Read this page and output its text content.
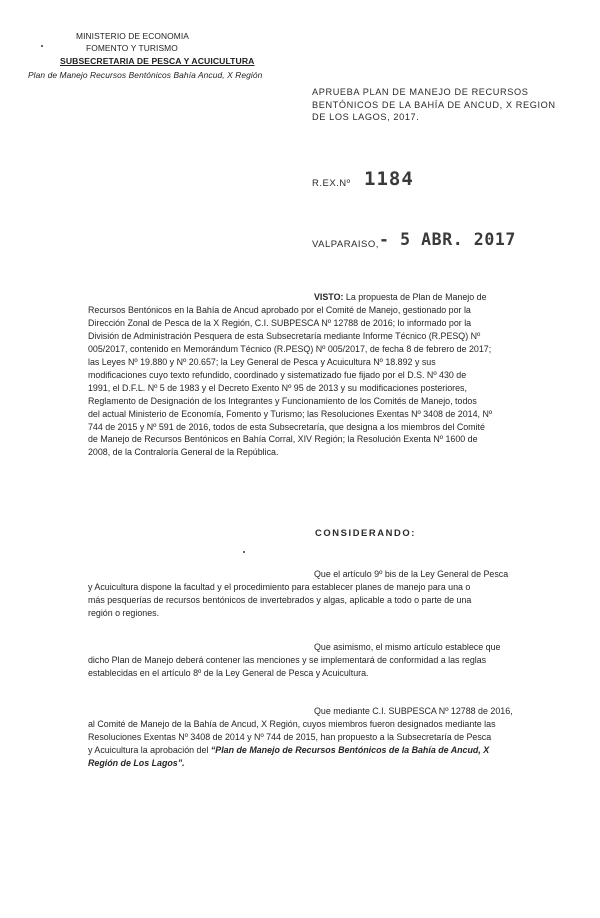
MINISTERIO DE ECONOMIA
FOMENTO Y TURISMO
SUBSECRETARIA DE PESCA Y ACUICULTURA
Plan de Manejo Recursos Bentónicos Bahía Ancud, X Región
APRUEBA PLAN DE MANEJO DE RECURSOS
BENTÓNICOS DE LA BAHÍA DE ANCUD, X REGION
DE LOS LAGOS, 2017.
R.EX.Nº 1184
VALPARAISO, - 5 ABR. 2017
VISTO: La propuesta de Plan de Manejo de
Recursos Bentónicos en la Bahía de Ancud aprobado por el Comité de Manejo, gestionado por la
Dirección Zonal de Pesca de la X Región, C.I. SUBPESCA Nº 12788 de 2016; lo informado por la
División de Administración Pesquera de esta Subsecretaría mediante Informe Técnico (R.PESQ) Nº
005/2017, contenido en Memorándum Técnico (R.PESQ) Nº 005/2017, de fecha 8 de febrero de 2017;
las Leyes Nº 19.880 y Nº 20.657; la Ley General de Pesca y Acuicultura Nº 18.892 y sus
modificaciones cuyo texto refundido, coordinado y sistematizado fue fijado por el D.S. Nº 430 de
1991, el D.F.L. Nº 5 de 1983 y el Decreto Exento Nº 95 de 2013 y su modificaciones posteriores,
Reglamento de Designación de los Integrantes y Funcionamiento de los Comités de Manejo, todos
del actual Ministerio de Economía, Fomento y Turismo; las Resoluciones Exentas Nº 3408 de 2014, Nº
744 de 2015 y Nº 591 de 2016, todos de esta Subsecretaría, que designa a los miembros del Comité
de Manejo de Recursos Bentónicos en Bahía Corral, XIV Región; la Resolución Exenta Nº 1600 de
2008, de la Contraloría General de la República.
CONSIDERANDO:
Que el artículo 9º bis de la Ley General de Pesca
y Acuicultura dispone la facultad y el procedimiento para establecer planes de manejo para una o
más pesquerías de recursos bentónicos de invertebrados y algas, aplicable a todo o parte de una
región o regiones.
Que asimismo, el mismo artículo establece que
dicho Plan de Manejo deberá contener las menciones y se implementará de conformidad a las reglas
establecidas en el artículo 8º de la Ley General de Pesca y Acuicultura.
Que mediante C.I. SUBPESCA Nº 12788 de 2016,
al Comité de Manejo de la Bahía de Ancud, X Región, cuyos miembros fueron designados mediante las
Resoluciones Exentas Nº 3408 de 2014 y Nº 744 de 2015, han propuesto a la Subsecretaría de Pesca
y Acuicultura la aprobación del “Plan de Manejo de Recursos Bentónicos de la Bahía de Ancud, X
Región de Los Lagos”.
